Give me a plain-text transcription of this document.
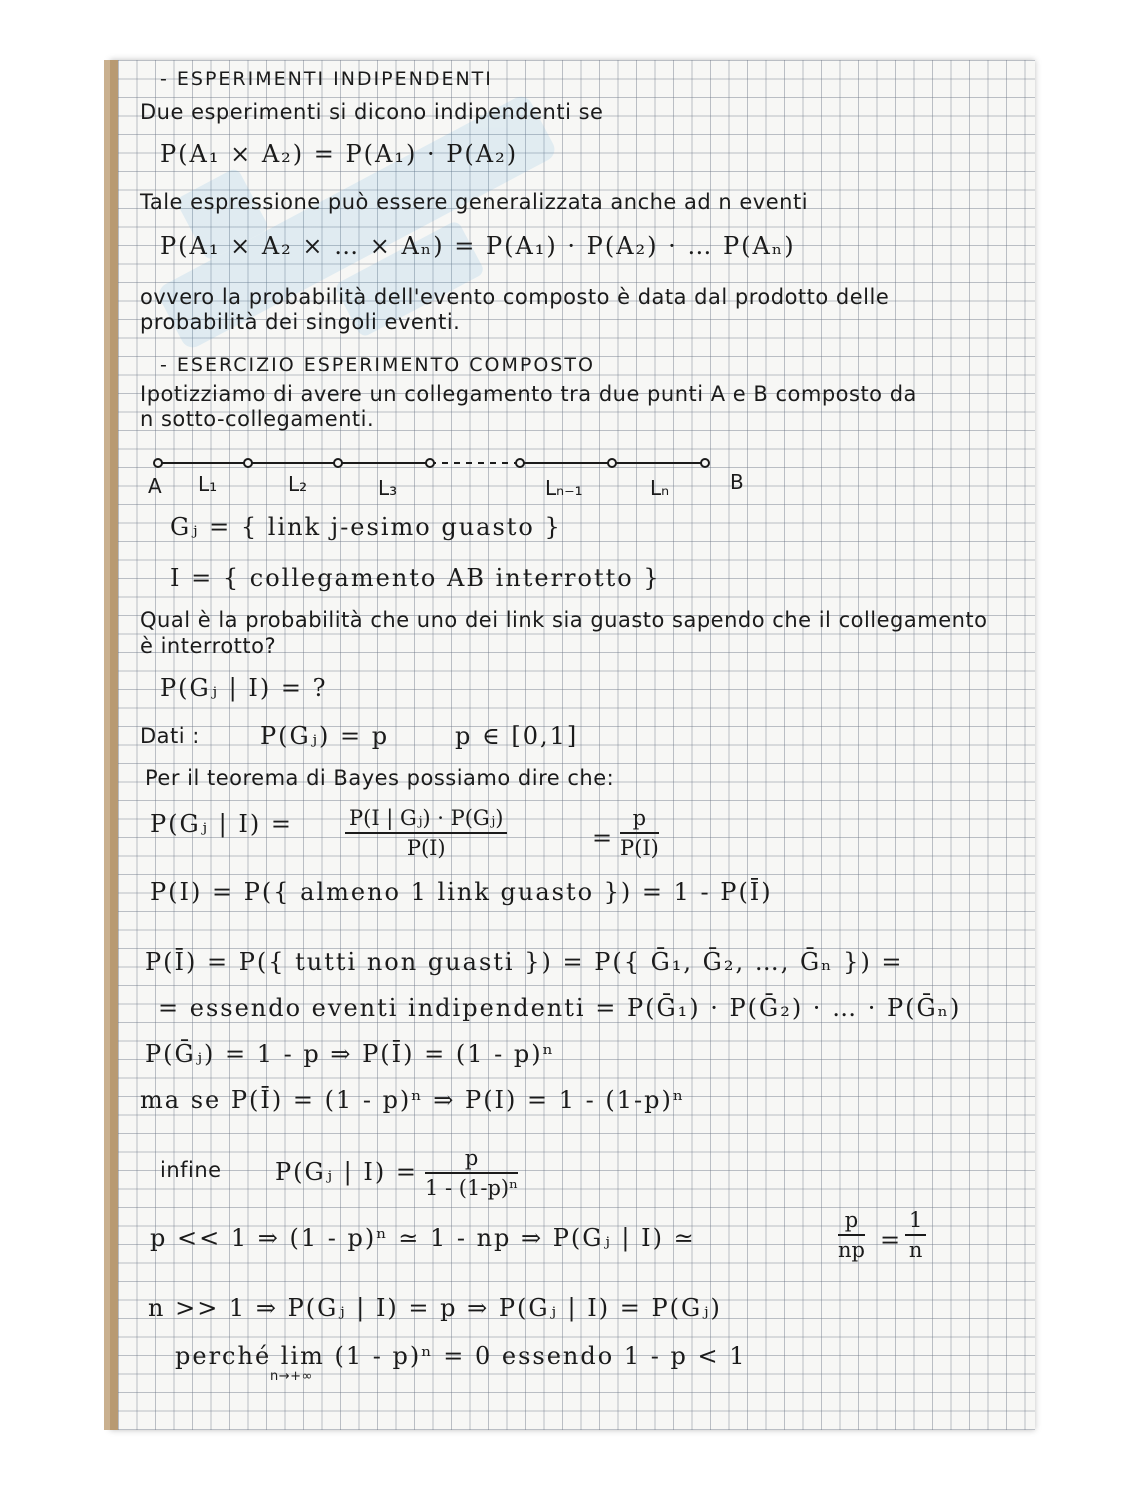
- ESPERIMENTI INDIPENDENTI
Due esperimenti si dicono indipendenti se
P(A₁ × A₂) = P(A₁) · P(A₂)
Tale espressione può essere generalizzata anche ad n eventi
P(A₁ × A₂ × … × Aₙ) = P(A₁) · P(A₂) · … P(Aₙ)
ovvero la probabilità dell'evento composto è data dal prodotto delle
probabilità dei singoli eventi.
- ESERCIZIO ESPERIMENTO COMPOSTO
Ipotizziamo di avere un collegamento tra due punti A e B composto da
n sotto-collegamenti.
A L₁	L₂	L₃	Lₙ₋₁	Lₙ	B
Gⱼ = { link j-esimo guasto }
I = { collegamento AB interrotto }
Qual è la probabilità che uno dei link sia guasto sapendo che il collegamento
è interrotto?
P(Gⱼ | I) = ?
Dati :	P(Gⱼ) = p	p ∈ [0,1]
Per il teorema di Bayes possiamo dire che:
P(Gⱼ | $I) = \frac{\text{P(I | Gⱼ) · P(Gⱼ)}}{P(I)}$	= $\frac{p}{P(I)}$
P(I) = P({ almeno 1 link guasto }) = 1 - P(Ī)
P(Ī) = P({ tutti non guasti }) = P({ Ḡ₁, Ḡ₂, …, Ḡₙ }) =
= essendo eventi indipendenti = P(Ḡ₁) · P(Ḡ₂) · … · P(Ḡₙ)
P(Ḡⱼ) = 1 - p ⇒ P(Ī) = (1 - p)ⁿ
ma se P(Ī) = (1 - p)ⁿ ⇒ P(I) = 1 - (1-p)ⁿ
infine P(Gⱼ | $I) = \frac{p}{\text{1 - (1-p)ⁿ}}$
p << 1 ⇒ (1 - p)ⁿ ≃ 1 - np ⇒ P(Gⱼ | I) ≃	$\frac{p}{np} = \frac{1}{n}$
n >> 1 ⇒ P(Gⱼ | I) = p ⇒ P(Gⱼ | I) = P(Gⱼ)
perché lim (1 - p)ⁿ = 0 essendo 1 - p < 1
n→+∞
